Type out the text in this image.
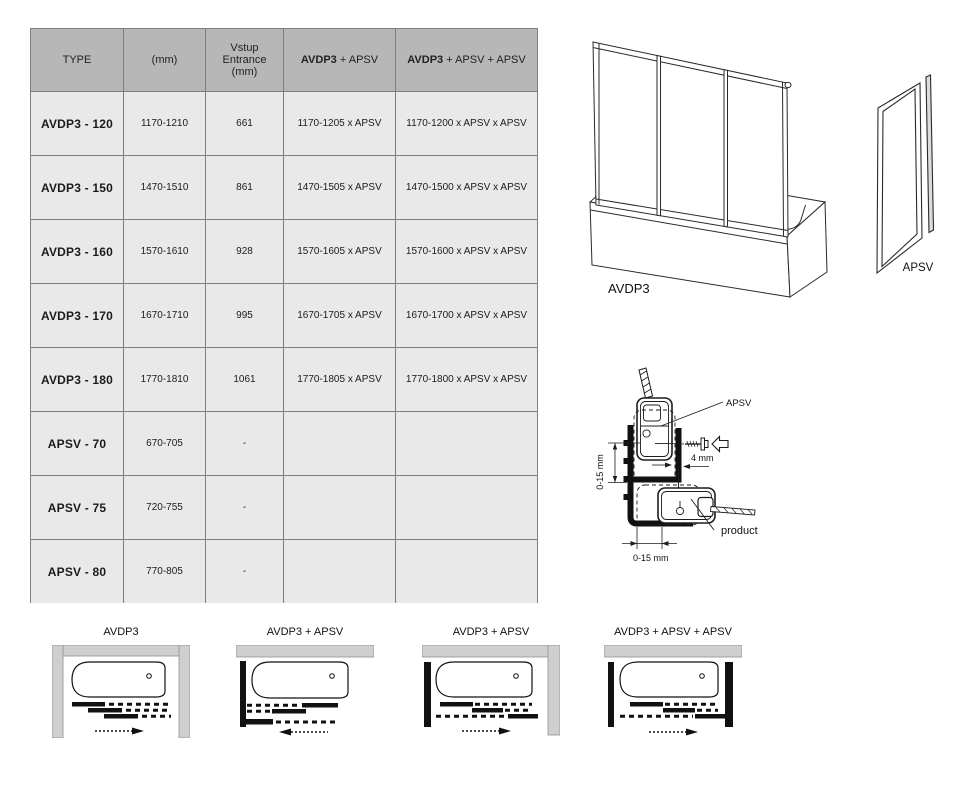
TYPE	(mm)	Vstup Entrance (mm)	AVDP3 + APSV	AVDP3 + APSV + APSV
AVDP3 - 120	1170-1210	661	1170-1205 x APSV	1170-1200 x APSV x APSV
AVDP3 - 150	1470-1510	861	1470-1505 x APSV	1470-1500 x APSV x APSV
AVDP3 - 160	1570-1610	928	1570-1605 x APSV	1570-1600 x APSV x APSV
AVDP3 - 170	1670-1710	995	1670-1705 x APSV	1670-1700 x APSV x APSV
AVDP3 - 180	1770-1810	1061	1770-1805 x APSV	1770-1800 x APSV x APSV
APSV - 70	670-705	-		
APSV - 75	720-755	-		
APSV - 80	770-805	-		
AVDP3
APSV
APSV
4 mm
0-15 mm
0-15 mm
product
AVDP3	AVDP3 + APSV	AVDP3 + APSV	AVDP3 + APSV + APSV
